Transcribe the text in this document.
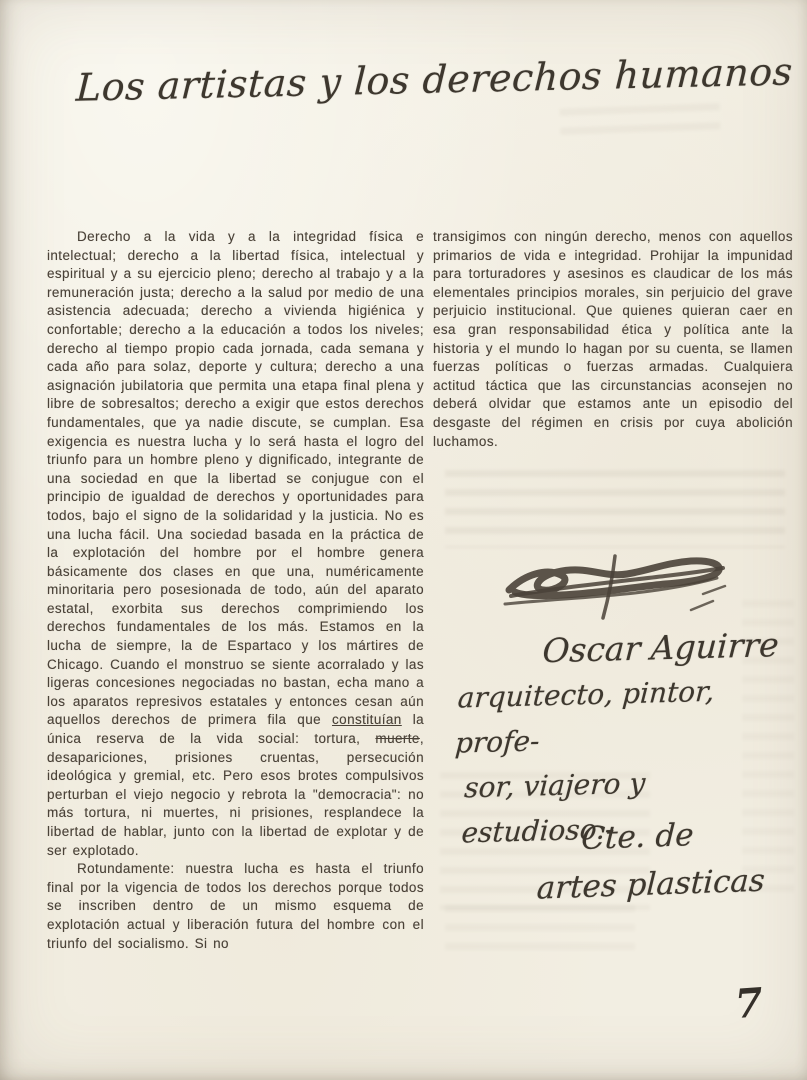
Los artistas y los derechos humanos

Derecho a la vida y a la integridad física e intelectual; derecho a la libertad física, intelectual y espiritual y a su ejercicio pleno; derecho al trabajo y a la remuneración justa; derecho a la salud por medio de una asistencia adecuada; derecho a vivienda higiénica y confortable; derecho a la educación a todos los niveles; derecho al tiempo propio cada jornada, cada semana y cada año para solaz, deporte y cultura; derecho a una asignación jubilatoria que permita una etapa final plena y libre de sobresaltos; derecho a exigir que estos derechos fundamentales, que ya nadie discute, se cumplan. Esa exigencia es nuestra lucha y lo será hasta el logro del triunfo para un hombre pleno y dignificado, integrante de una sociedad en que la libertad se conjugue con el principio de igualdad de derechos y oportunidades para todos, bajo el signo de la solidaridad y la justicia. No es una lucha fácil. Una sociedad basada en la práctica de la explotación del hombre por el hombre genera básicamente dos clases en que una, numéricamente minoritaria pero posesionada de todo, aún del aparato estatal, exorbita sus derechos comprimiendo los derechos fundamentales de los más. Estamos en la lucha de siempre, la de Espartaco y los mártires de Chicago. Cuando el monstruo se siente acorralado y las ligeras concesiones negociadas no bastan, echa mano a los aparatos represivos estatales y entonces cesan aún aquellos derechos de primera fila que constituían la única reserva de la vida social: tortura, muerte, desapariciones, prisiones cruentas, persecución ideológica y gremial, etc. Pero esos brotes compulsivos perturban el viejo negocio y rebrota la "democracia": no más tortura, ni muertes, ni prisiones, resplandece la libertad de hablar, junto con la libertad de explotar y de ser explotado.

Rotundamente: nuestra lucha es hasta el triunfo final por la vigencia de todos los derechos porque todos se inscriben dentro de un mismo esquema de explotación actual y liberación futura del hombre con el triunfo del socialismo. Si no

transigimos con ningún derecho, menos con aquellos primarios de vida e integridad. Prohijar la impunidad para torturadores y asesinos es claudicar de los más elementales principios morales, sin perjuicio del grave perjuicio institucional. Que quienes quieran caer en esa gran responsabilidad ética y política ante la historia y el mundo lo hagan por su cuenta, se llamen fuerzas políticas o fuerzas armadas. Cualquiera actitud táctica que las circunstancias aconsejen no deberá olvidar que estamos ante un episodio del desgaste del régimen en crisis por cuya abolición luchamos.

Oscar Aguirre
arquitecto, pintor, profe-
sor, viajero y estudioso.-
Cte. de
artes plasticas
7
